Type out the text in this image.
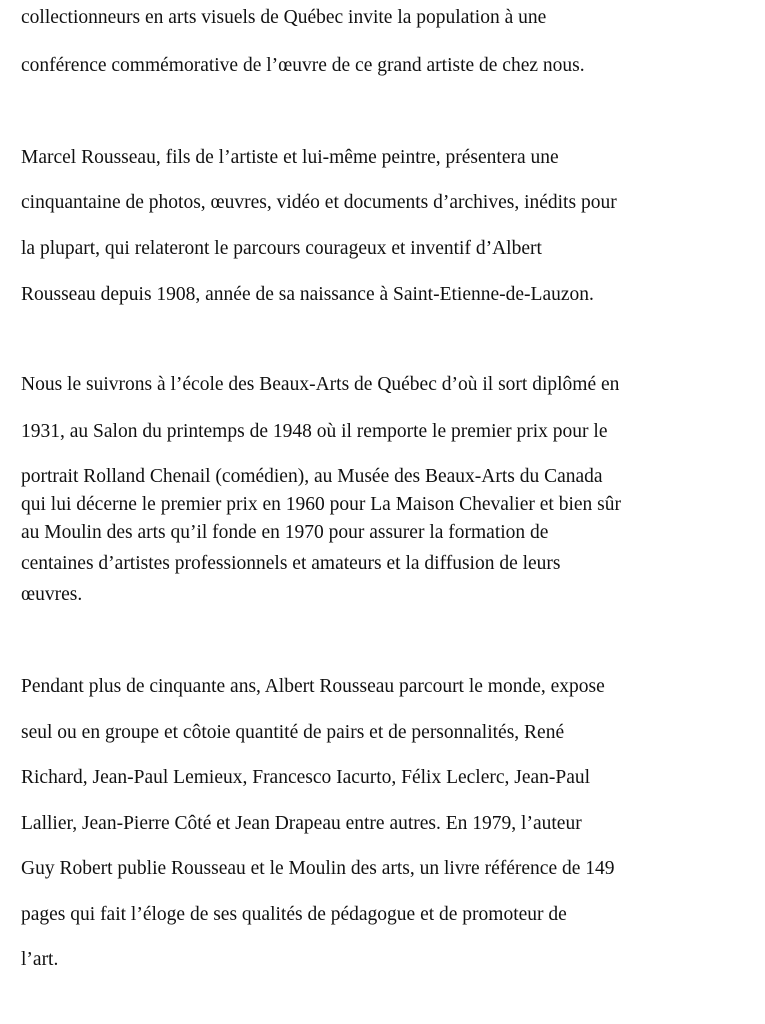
collectionneurs en arts visuels de Québec invite la population à une

conférence commémorative de l’œuvre de ce grand artiste de chez nous.

Marcel Rousseau, fils de l’artiste et lui-même peintre, présentera une

cinquantaine de photos, œuvres, vidéo et documents d’archives, inédits pour

la plupart, qui relateront le parcours courageux et inventif d’Albert

Rousseau depuis 1908, année de sa naissance à Saint-Etienne-de-Lauzon.

Nous le suivrons à l’école des Beaux-Arts de Québec d’où il sort diplômé en

1931, au Salon du printemps de 1948 où il remporte le premier prix pour le

portrait Rolland Chenail (comédien), au Musée des Beaux-Arts du Canada

qui lui décerne le premier prix en 1960 pour La Maison Chevalier et bien sûr

au Moulin des arts qu’il fonde en 1970 pour assurer la formation de

centaines d’artistes professionnels et amateurs et la diffusion de leurs

œuvres.

Pendant plus de cinquante ans, Albert Rousseau parcourt le monde, expose

seul ou en groupe et côtoie quantité de pairs et de personnalités, René

Richard, Jean-Paul Lemieux, Francesco Iacurto, Félix Leclerc, Jean-Paul

Lallier, Jean-Pierre Côté et Jean Drapeau entre autres. En 1979, l’auteur

Guy Robert publie Rousseau et le Moulin des arts, un livre référence de 149

pages qui fait l’éloge de ses qualités de pédagogue et de promoteur de

l’art.
